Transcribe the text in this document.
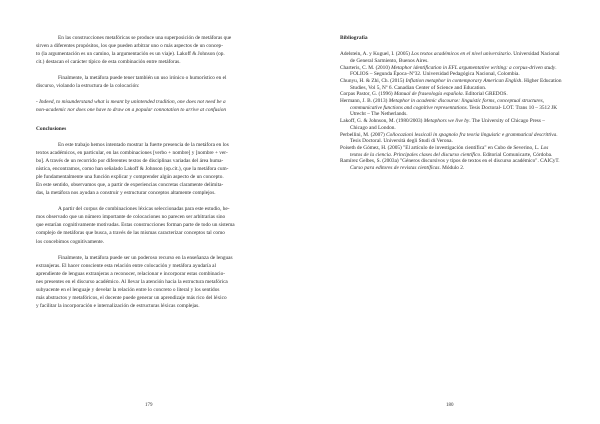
En las construcciones metafóricas se produce una superposición de metáforas que
sirven a diferentes propósitos, los que pueden arbitrar uno o más aspectos de un concep-
to (la argumentación es un camino, la argumentación es un viaje). Lakoff & Johnson (op.
cit.) destacan el carácter típico de esta combinación entre metáforas.

Finalmente, la metáfora puede tener también un uso irónico o humorístico en el
discurso, violando la estructura de la colocación:

- Indeed, to misunderstand what is meant by unintended tradition, one does not need be a
non-academic nor does one have to draw on a popular connotation to arrive at confusion

Conclusiones

En este trabajo hemos intentado mostrar la fuerte presencia de la metáfora en los
textos académicos, en particular, en las combinaciones [verbo + nombre] y [nombre + ver-
bo]. A través de un recorrido por diferentes textos de disciplinas variadas del área huma-
nística, encontramos, como han señalado Lakoff & Johnson (op.cit.), que la metáfora cum-
ple fundamentalmente una función explicar y comprender algún aspecto de un concepto.
En este sentido, observamos que, a partir de experiencias concretas claramente delimita-
das, la metáfora nos ayudan a construir y estructurar conceptos altamente complejos.

A partir del corpus de combinaciones léxicas seleccionadas para este estudio, he-
mos observado que un número importante de colocaciones no parecen ser arbitrarias sino
que estarían cognitivamente motivadas. Estas construcciones forman parte de todo un sistema
complejo de metáforas que busca, a través de las mismas caracterizar conceptos tal como
los concebimos cognitivamente.

Finalmente, la metáfora puede ser un poderoso recurso en la enseñanza de lenguas
extranjeras. El hacer consciente esta relación entre colocación y metáfora ayudaría al
aprendiente de lenguas extranjeras a reconocer, relacionar e incorporar estas combinacio-
nes presentes en el discurso académico. Al llevar la atención hacia la estructura metafórica
subyacente en el lenguaje y develar la relación entre lo concreto o literal y los sentidos
más abstractos y metafóricos, el docente puede generar un aprendizaje más rico del léxico
y facilitar la incorporación e internalización de estructuras léxicas complejas.

179
Bibliografía

Adelstein, A. y Kuguel, I. (2005) Los textos académicos en el nivel universitario. Universidad Nacional de General Sarmiento, Buenos Aires.

Charteris, C. M. (2010) Metaphor identification in EFL argumentative writing: a corpus-driven study. FOLIOS – Segunda Época–Nº32. Universidad Pedagógica Nacional, Colombia.

Chunyu, H. & Zhi, Ch. (2015) Inflation metaphor in contemporary American English. Higher Education Studies, Vol 5, Nº 6. Canadian Center of Science and Education.

Corpas Pastor, G. (1996) Manual de fraseología española. Editorial GREDOS.

Hermann, J. B. (2013) Metaphor in academic discourse: linguistic forms, conceptual structures, communicative functions and cognitive representations. Tesis Doctoral- LOT. Trans 10 – 3512 JK Utrecht – The Netherlands.

Lakoff, G. & Johnson, M. (1980/2003) Metaphors we live by. The University of Chicago Press – Chicago and London.

Perbellini, M. (2007) Collocazioni lessicali in spagnolo fra teoria linguistic e grammatical descrittiva. Tesis Doctoral. Università degli Studi di Verona.

Poiseth de Gómez, H. (2005) "El artículo de investigación científica" en Cubo de Severino, L. Los textos de la ciencia. Principales clases del discurso científico. Editorial Comunicarte, Córdoba.

Ramírez Gelbes, S. (2003a) "Géneros discursivos y tipos de textos en el discurso académico". CAICyT. Curso para editores de revistas científicas. Módulo 2.

180
